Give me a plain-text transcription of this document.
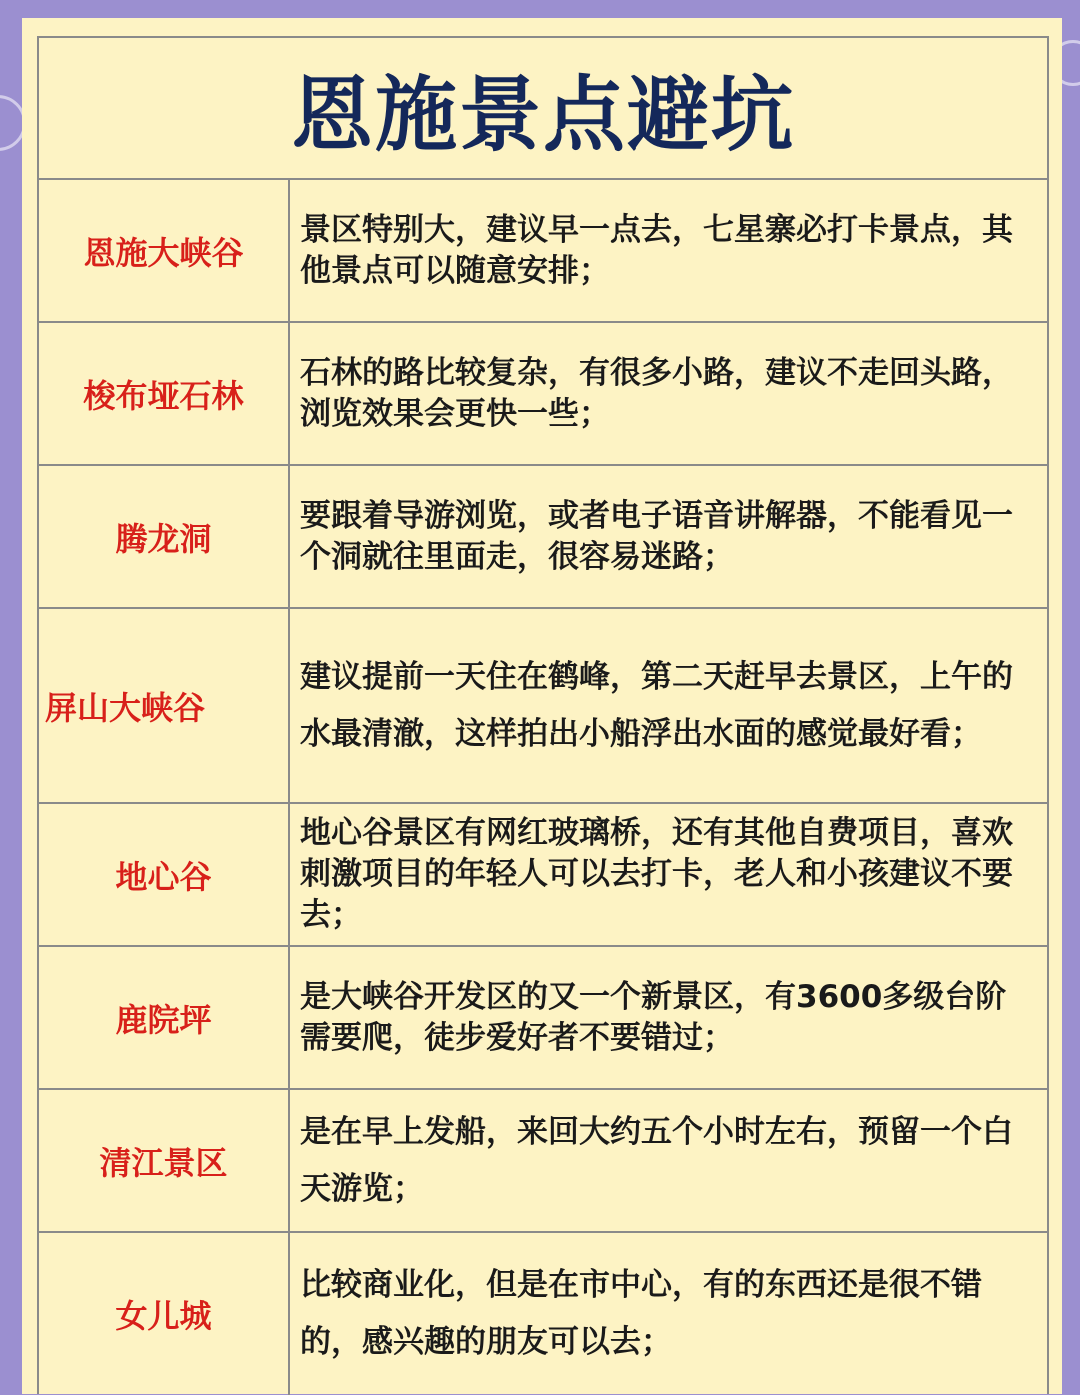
恩施景点避坑
恩施大峡谷
景区特别大，建议早一点去，七星寨必打卡景点，其他景点可以随意安排；
梭布垭石林
石林的路比较复杂，有很多小路，建议不走回头路，浏览效果会更快一些；
腾龙洞
要跟着导游浏览，或者电子语音讲解器，不能看见一个洞就往里面走，很容易迷路；
屏山大峡谷
建议提前一天住在鹤峰，第二天赶早去景区，上午的水最清澈，这样拍出小船浮出水面的感觉最好看；
地心谷
地心谷景区有网红玻璃桥，还有其他自费项目，喜欢刺激项目的年轻人可以去打卡，老人和小孩建议不要去；
鹿院坪
是大峡谷开发区的又一个新景区，有3600多级台阶需要爬，徒步爱好者不要错过；
清江景区
是在早上发船，来回大约五个小时左右，预留一个白天游览；
女儿城
比较商业化，但是在市中心，有的东西还是很不错的，感兴趣的朋友可以去；
